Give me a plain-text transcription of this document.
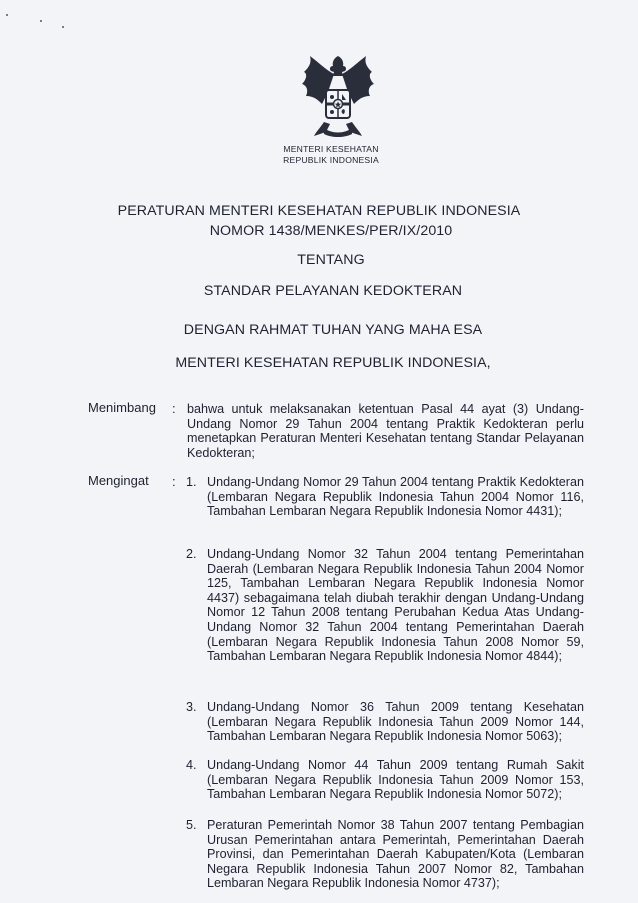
MENTERI KESEHATAN
REPUBLIK INDONESIA
PERATURAN MENTERI KESEHATAN REPUBLIK INDONESIA
NOMOR 1438/MENKES/PER/IX/2010
TENTANG
STANDAR PELAYANAN KEDOKTERAN
DENGAN RAHMAT TUHAN YANG MAHA ESA
MENTERI KESEHATAN REPUBLIK INDONESIA,
Menimbang : bahwa untuk melaksanakan ketentuan Pasal 44 ayat (3) Undang-Undang Nomor 29 Tahun 2004 tentang Praktik Kedokteran perlu menetapkan Peraturan Menteri Kesehatan tentang Standar Pelayanan Kedokteran;
Mengingat : 1. Undang-Undang Nomor 29 Tahun 2004 tentang Praktik Kedokteran (Lembaran Negara Republik Indonesia Tahun 2004 Nomor 116, Tambahan Lembaran Negara Republik Indonesia Nomor 4431);
2. Undang-Undang Nomor 32 Tahun 2004 tentang Pemerintahan Daerah (Lembaran Negara Republik Indonesia Tahun 2004 Nomor 125, Tambahan Lembaran Negara Republik Indonesia Nomor 4437) sebagaimana telah diubah terakhir dengan Undang-Undang Nomor 12 Tahun 2008 tentang Perubahan Kedua Atas Undang-Undang Nomor 32 Tahun 2004 tentang Pemerintahan Daerah (Lembaran Negara Republik Indonesia Tahun 2008 Nomor 59, Tambahan Lembaran Negara Republik Indonesia Nomor 4844);
3. Undang-Undang Nomor 36 Tahun 2009 tentang Kesehatan (Lembaran Negara Republik Indonesia Tahun 2009 Nomor 144, Tambahan Lembaran Negara Republik Indonesia Nomor 5063);
4. Undang-Undang Nomor 44 Tahun 2009 tentang Rumah Sakit (Lembaran Negara Republik Indonesia Tahun 2009 Nomor 153, Tambahan Lembaran Negara Republik Indonesia Nomor 5072);
5. Peraturan Pemerintah Nomor 38 Tahun 2007 tentang Pembagian Urusan Pemerintahan antara Pemerintah, Pemerintahan Daerah Provinsi, dan Pemerintahan Daerah Kabupaten/Kota (Lembaran Negara Republik Indonesia Tahun 2007 Nomor 82, Tambahan Lembaran Negara Republik Indonesia Nomor 4737);
